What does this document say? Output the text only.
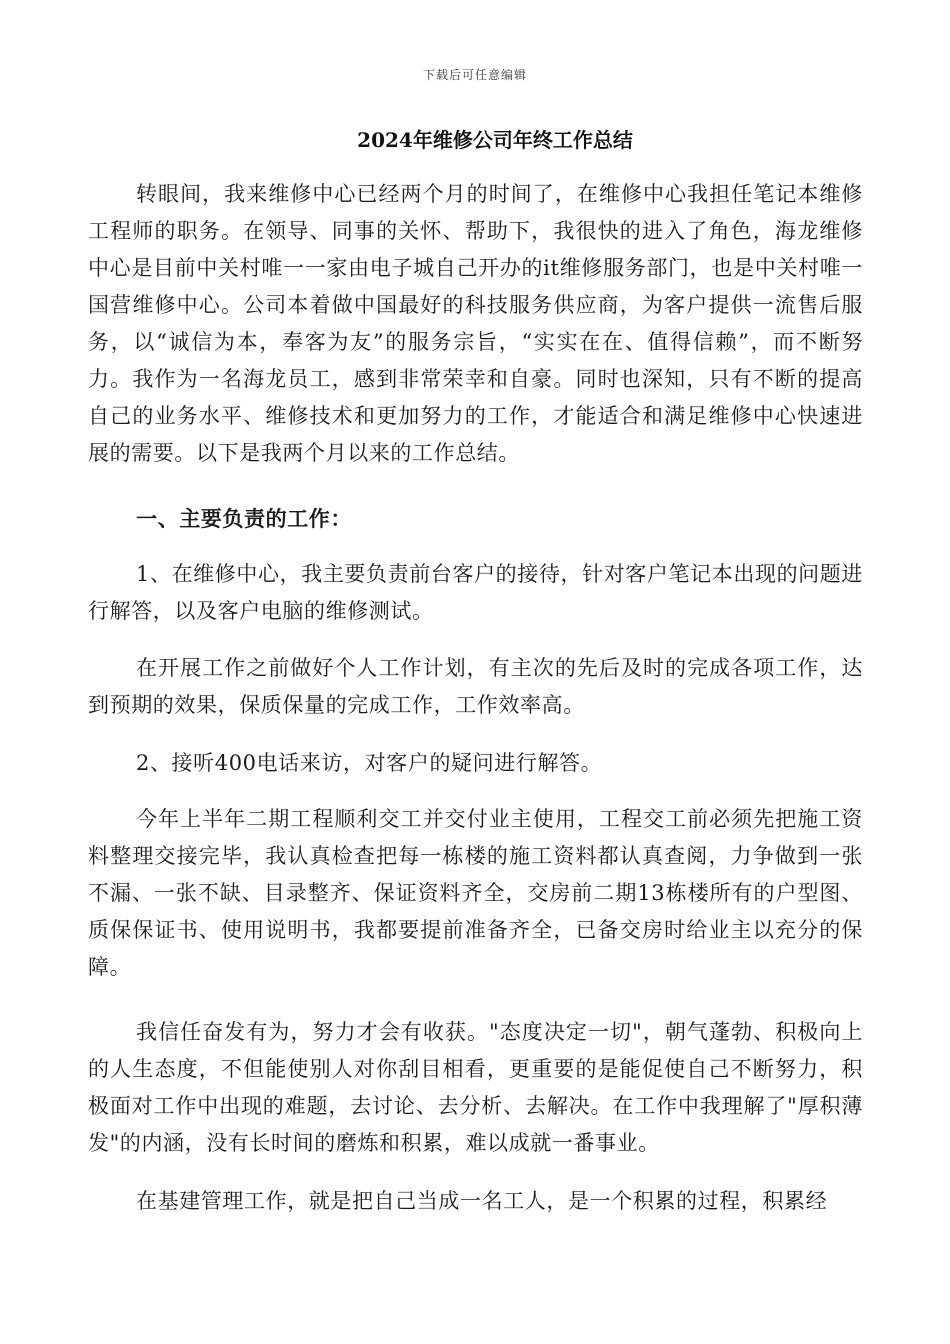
下载后可任意编辑
2024年维修公司年终工作总结
转眼间，我来维修中心已经两个月的时间了，在维修中心我担任笔记本维修工程师的职务。在领导、同事的关怀、帮助下，我很快的进入了角色，海龙维修中心是目前中关村唯一一家由电子城自己开办的it维修服务部门，也是中关村唯一国营维修中心。公司本着做中国最好的科技服务供应商，为客户提供一流售后服务，以“诚信为本，奉客为友”的服务宗旨，“实实在在、值得信赖”，而不断努力。我作为一名海龙员工，感到非常荣幸和自豪。同时也深知，只有不断的提高自己的业务水平、维修技术和更加努力的工作，才能适合和满足维修中心快速进展的需要。以下是我两个月以来的工作总结。
一、主要负责的工作：
1、在维修中心，我主要负责前台客户的接待，针对客户笔记本出现的问题进行解答，以及客户电脑的维修测试。
在开展工作之前做好个人工作计划，有主次的先后及时的完成各项工作，达到预期的效果，保质保量的完成工作，工作效率高。
2、接听400电话来访，对客户的疑问进行解答。
今年上半年二期工程顺利交工并交付业主使用，工程交工前必须先把施工资料整理交接完毕，我认真检查把每一栋楼的施工资料都认真查阅，力争做到一张不漏、一张不缺、目录整齐、保证资料齐全，交房前二期13栋楼所有的户型图、质保保证书、使用说明书，我都要提前准备齐全，已备交房时给业主以充分的保障。
我信任奋发有为，努力才会有收获。"态度决定一切"，朝气蓬勃、积极向上的人生态度，不但能使别人对你刮目相看，更重要的是能促使自己不断努力，积极面对工作中出现的难题，去讨论、去分析、去解决。在工作中我理解了"厚积薄发"的内涵，没有长时间的磨炼和积累，难以成就一番事业。
在基建管理工作，就是把自己当成一名工人，是一个积累的过程，积累经
